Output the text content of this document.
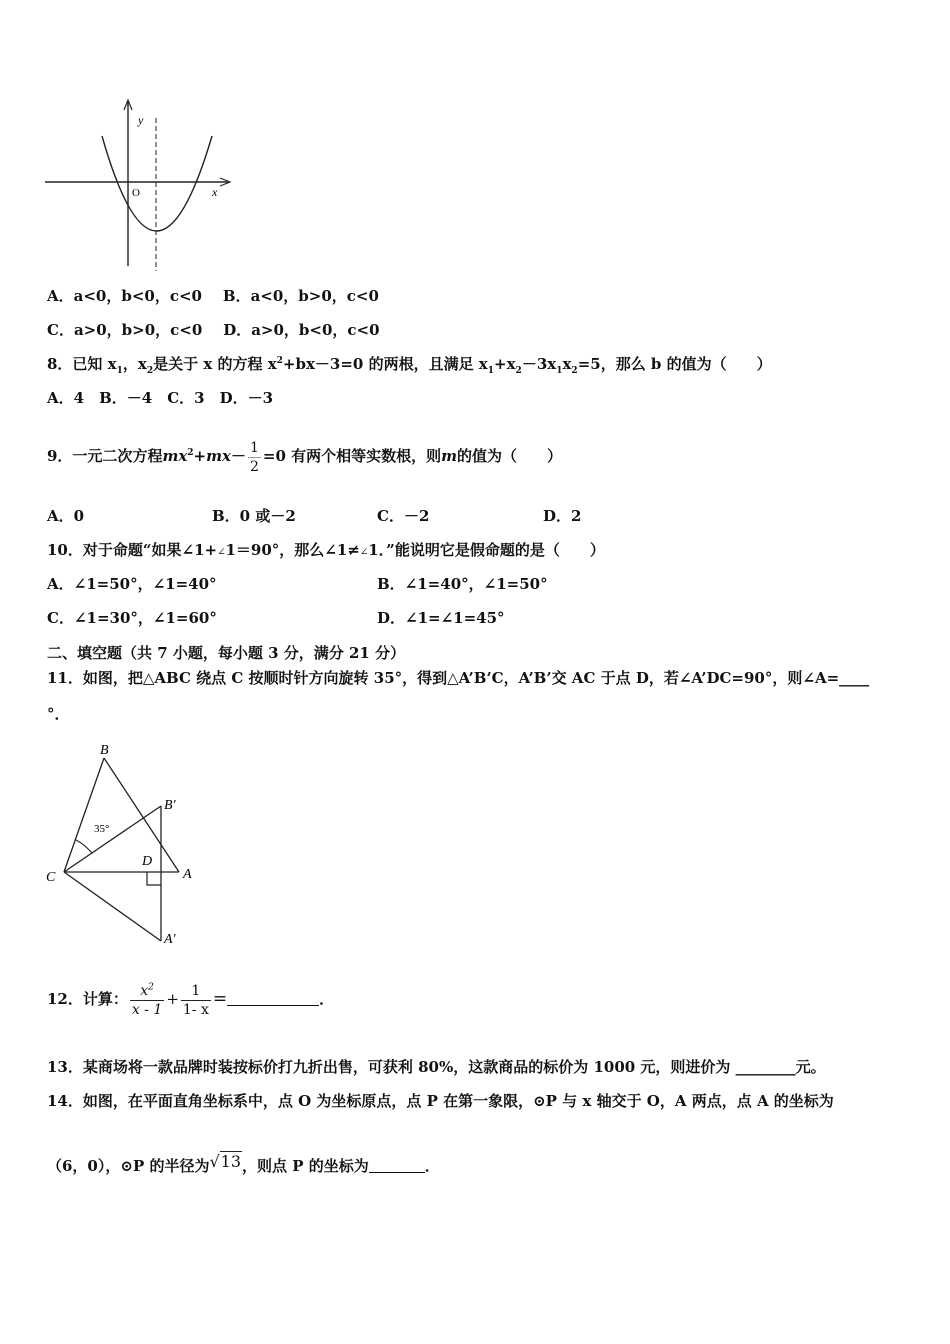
y
x
O
A．a<0，b<0，c<0 B．a<0，b>0，c<0
C．a>0，b>0，c<0 D．a>0，b<0，c<0
8．已知 $x_1$，$x_2$是关于 x 的方程 $x^2+bx-3=0$ 的两根，且满足 $x_1+x_2-3x_1x_2=5$，那么 b 的值为（　　）
A．4　B．－4　C．3　D．－3
9．一元二次方程$mx^2+mx- \frac{1}{2} =0$ 有两个相等实数根，则m的值为（　　）
A．0	B．0 或－2	C．－2	D．2
10．对于命题“如果∠1+∠1＝90°，那么∠1≠∠1．”能说明它是假命题的是（　　）
A．∠1=50°，∠1=40°	B．∠1=40°，∠1=50°
C．∠1=30°，∠1=60°	D．∠1=∠1=45°
二、填空题（共 7 小题，每小题 3 分，满分 21 分）
11．如图，把△ABC 绕点 C 按顺时针方向旋转 35°，得到△A’B’C，A’B’交 AC 于点 D，若∠A’DC=90°，则∠A=____
°．
B
B′
35°
D
C	A
A′
12．计算： $\frac{x^2}{x - 1} + \frac{1}{1- x}$ =	．
13．某商场将一款品牌时装按标价打九折出售，可获利 80%，这款商品的标价为 1000 元，则进价为 ________元。
14．如图，在平面直角坐标系中，点 O 为坐标原点，点 P 在第一象限，⊙P 与 x 轴交于 O，A 两点，点 A 的坐标为
（6，0），⊙P 的半径为√13，则点 P 的坐标为	．
